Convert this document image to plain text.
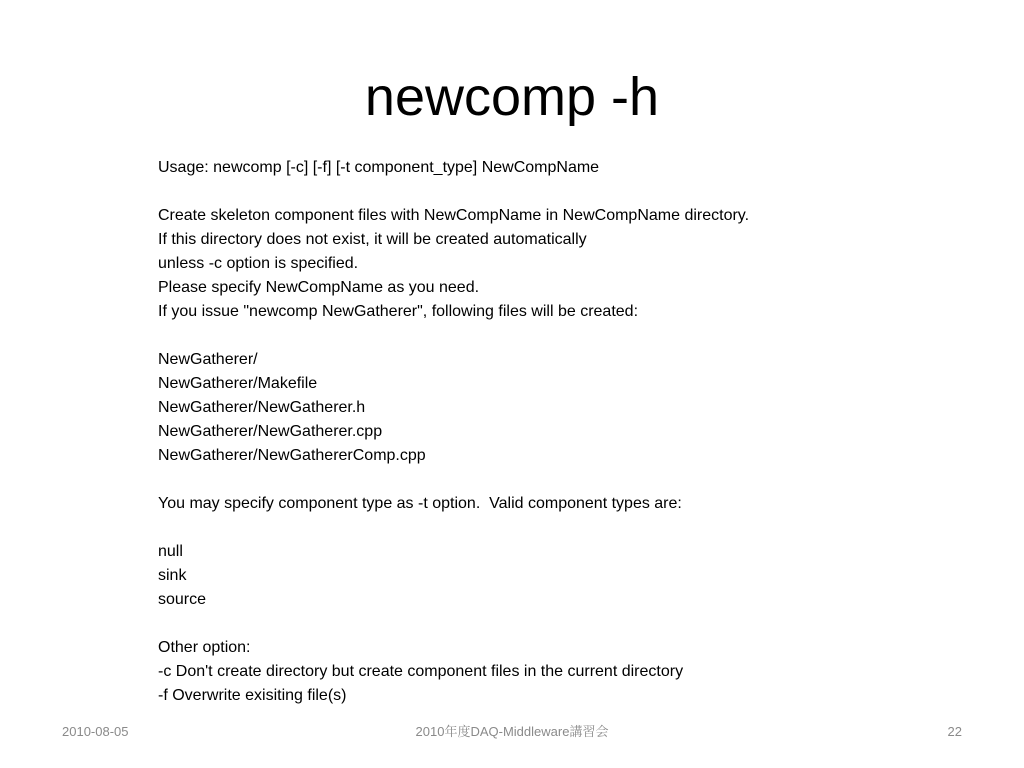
newcomp -h
Usage: newcomp [-c] [-f] [-t component_type] NewCompName
Create skeleton component files with NewCompName in NewCompName directory.
If this directory does not exist, it will be created automatically
unless -c option is specified.
Please specify NewCompName as you need.
If you issue "newcomp NewGatherer", following files will be created:
NewGatherer/
NewGatherer/Makefile
NewGatherer/NewGatherer.h
NewGatherer/NewGatherer.cpp
NewGatherer/NewGathererComp.cpp
You may specify component type as -t option.  Valid component types are:
null
sink
source
Other option:
-c Don't create directory but create component files in the current directory
-f Overwrite exisiting file(s)
2010-08-05	2010年度DAQ-Middleware講習会	22
